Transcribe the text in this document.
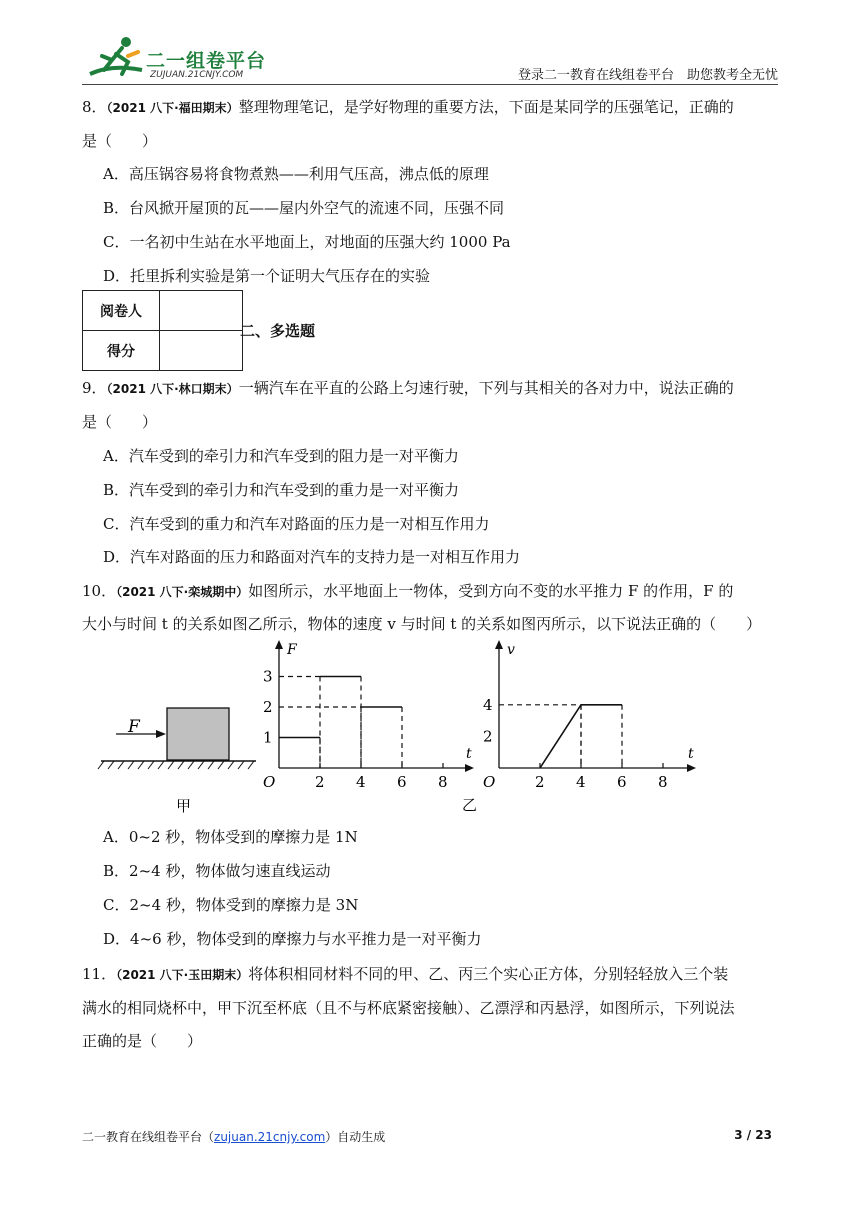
二一组卷平台
ZUJUAN.21CNJY.COM	登录二一教育在线组卷平台　助您教考全无忧
8．（2021 八下·福田期末）整理物理笔记，是学好物理的重要方法，下面是某同学的压强笔记，正确的
是（　　）
A．高压锅容易将食物煮熟——利用气压高，沸点低的原理
B．台风掀开屋顶的瓦——屋内外空气的流速不同，压强不同
C．一名初中生站在水平地面上，对地面的压强大约 1000 Pa
D．托里拆利实验是第一个证明大气压存在的实验
阅卷人	
得分	
二、多选题
9．（2021 八下·林口期末）一辆汽车在平直的公路上匀速行驶，下列与其相关的各对力中，说法正确的
是（　　）
A．汽车受到的牵引力和汽车受到的阻力是一对平衡力
B．汽车受到的牵引力和汽车受到的重力是一对平衡力
C．汽车受到的重力和汽车对路面的压力是一对相互作用力
D．汽车对路面的压力和路面对汽车的支持力是一对相互作用力
10．（2021 八下·栾城期中）如图所示，水平地面上一物体，受到方向不变的水平推力 F 的作用，F 的
大小与时间 t 的关系如图乙所示，物体的速度 v 与时间 t 的关系如图丙所示，以下说法正确的（　　）
F
甲
F
t
O	2 4 6 8
1
2
3
v
t
O	2 4 6 8
2
4
乙
A．0~2 秒，物体受到的摩擦力是 1N
B．2~4 秒，物体做匀速直线运动
C．2~4 秒，物体受到的摩擦力是 3N
D．4~6 秒，物体受到的摩擦力与水平推力是一对平衡力
11．（2021 八下·玉田期末）将体积相同材料不同的甲、乙、丙三个实心正方体，分别轻轻放入三个装
满水的相同烧杯中，甲下沉至杯底（且不与杯底紧密接触）、乙漂浮和丙悬浮，如图所示，下列说法
正确的是（　　）
二一教育在线组卷平台（zujuan.21cnjy.com）自动生成	3 / 23
